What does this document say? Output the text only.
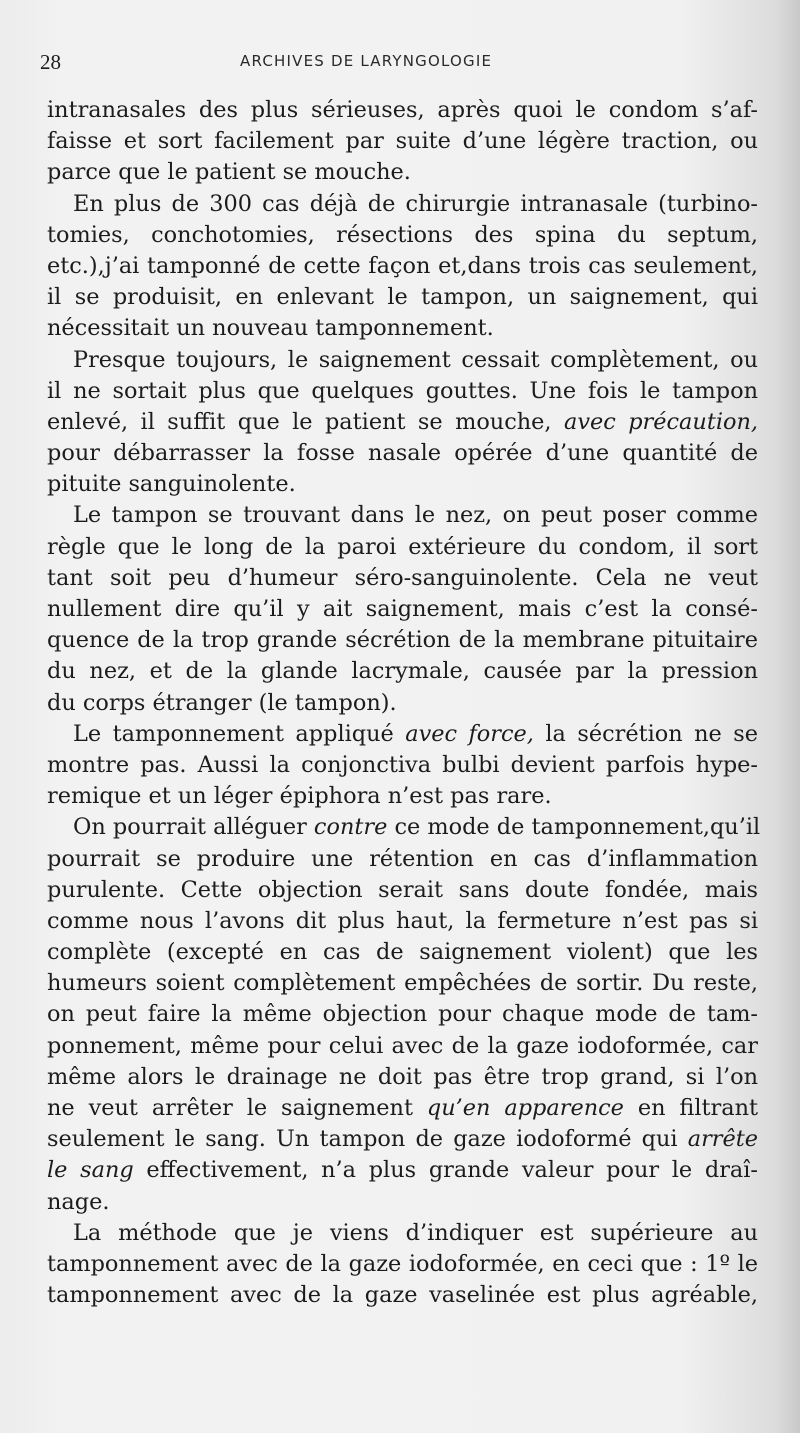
28	ARCHIVES DE LARYNGOLOGIE
intranasales des plus sérieuses, après quoi le condom s’af-
faisse et sort facilement par suite d’une légère traction, ou
parce que le patient se mouche.
En plus de 300 cas déjà de chirurgie intranasale (turbino-
tomies, conchotomies, résections des spina du septum,
etc.),j’ai tamponné de cette façon et,dans trois cas seulement,
il se produisit, en enlevant le tampon, un saignement, qui
nécessitait un nouveau tamponnement.
Presque toujours, le saignement cessait complètement, ou
il ne sortait plus que quelques gouttes. Une fois le tampon
enlevé, il suffit que le patient se mouche, avec précaution,
pour débarrasser la fosse nasale opérée d’une quantité de
pituite sanguinolente.
Le tampon se trouvant dans le nez, on peut poser comme
règle que le long de la paroi extérieure du condom, il sort
tant soit peu d’humeur séro-sanguinolente. Cela ne veut
nullement dire qu’il y ait saignement, mais c’est la consé-
quence de la trop grande sécrétion de la membrane pituitaire
du nez, et de la glande lacrymale, causée par la pression
du corps étranger (le tampon).
Le tamponnement appliqué avec force, la sécrétion ne se
montre pas. Aussi la conjonctiva bulbi devient parfois hype-
remique et un léger épiphora n’est pas rare.
On pourrait alléguer contre ce mode de tamponnement,qu’il
pourrait se produire une rétention en cas d’inflammation
purulente. Cette objection serait sans doute fondée, mais
comme nous l’avons dit plus haut, la fermeture n’est pas si
complète (excepté en cas de saignement violent) que les
humeurs soient complètement empêchées de sortir. Du reste,
on peut faire la même objection pour chaque mode de tam-
ponnement, même pour celui avec de la gaze iodoformée, car
même alors le drainage ne doit pas être trop grand, si l’on
ne veut arrêter le saignement qu’en apparence en filtrant
seulement le sang. Un tampon de gaze iodoformé qui arrête
le sang effectivement, n’a plus grande valeur pour le draî-
nage.
La méthode que je viens d’indiquer est supérieure au
tamponnement avec de la gaze iodoformée, en ceci que : 1º le
tamponnement avec de la gaze vaselinée est plus agréable,
